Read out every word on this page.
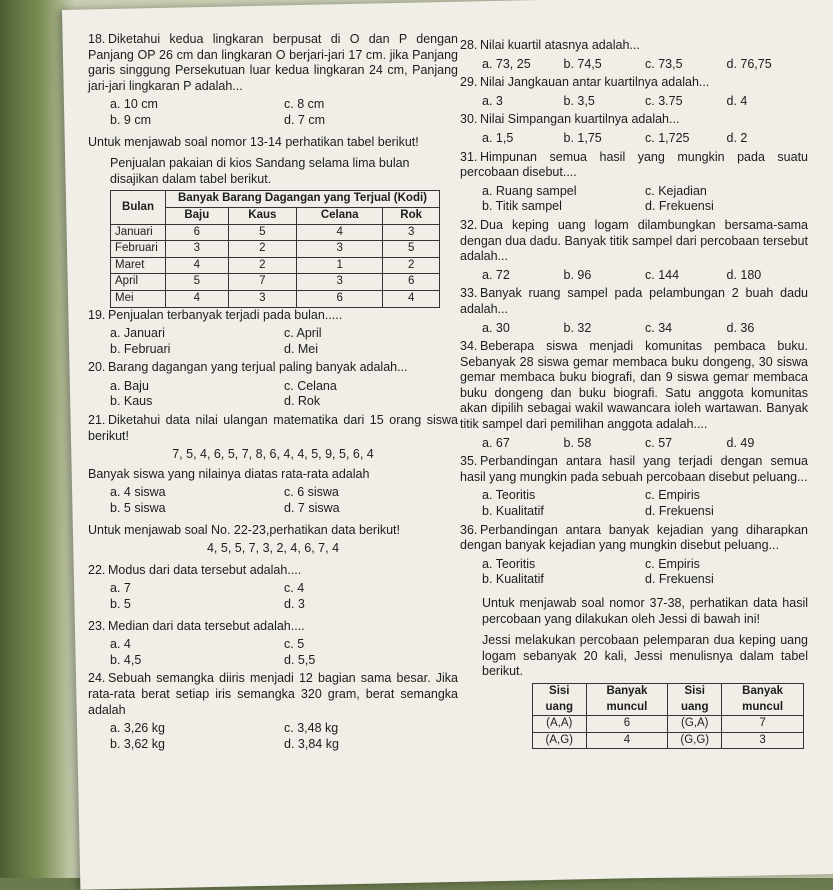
18. Diketahui kedua lingkaran berpusat di O dan P dengan Panjang OP 26 cm dan lingkaran O berjari-jari 17 cm. jika Panjang garis singgung Persekutuan luar kedua lingkaran 24 cm, Panjang jari-jari lingkaran P adalah...
a. 10 cm	c. 8 cm
b. 9 cm	d. 7 cm
Untuk menjawab soal nomor 13-14 perhatikan tabel berikut!
Penjualan pakaian di kios Sandang selama lima bulan disajikan dalam tabel berikut.
Bulan	Banyak Barang Dagangan yang Terjual (Kodi)			
	Baju	Kaus	Celana	Rok
Januari	6	5	4	3
Februari	3	2	3	5
Maret	4	2	1	2
April	5	7	3	6
Mei	4	3	6	4
19. Penjualan terbanyak terjadi pada bulan.....
a. Januari	c. April
b. Februari	d. Mei
20. Barang dagangan yang terjual paling banyak adalah...
a. Baju	c. Celana
b. Kaus	d. Rok
21. Diketahui data nilai ulangan matematika dari 15 orang siswa berikut!
7, 5, 4, 6, 5, 7, 8, 6, 4, 4, 5, 9, 5, 6, 4
Banyak siswa yang nilainya diatas rata-rata adalah
a. 4 siswa	c. 6 siswa
b. 5 siswa	d. 7 siswa
Untuk menjawab soal No. 22-23,perhatikan data berikut!
4, 5, 5, 7, 3, 2, 4, 6, 7, 4
22. Modus dari data tersebut adalah....
a. 7	c. 4
b. 5	d. 3
23. Median dari data tersebut adalah....
a. 4	c. 5
b. 4,5	d. 5,5
24. Sebuah semangka diiris menjadi 12 bagian sama besar. Jika rata-rata berat setiap iris semangka 320 gram, berat semangka adalah
a. 3,26 kg	c. 3,48 kg
b. 3,62 kg	d. 3,84 kg
28. Nilai kuartil atasnya adalah...
a. 73, 25	b. 74,5	c. 73,5	d. 76,75
29. Nilai Jangkauan antar kuartilnya adalah...
a. 3	b. 3,5	c. 3.75	d. 4
30. Nilai Simpangan kuartilnya adalah...
a. 1,5	b. 1,75	c. 1,725	d. 2
31. Himpunan semua hasil yang mungkin pada suatu percobaan disebut....
a. Ruang sampel	c. Kejadian
b. Titik sampel	d. Frekuensi
32. Dua keping uang logam dilambungkan bersama-sama dengan dua dadu. Banyak titik sampel dari percobaan tersebut adalah...
a. 72	b. 96	c. 144	d. 180
33. Banyak ruang sampel pada pelambungan 2 buah dadu adalah...
a. 30	b. 32	c. 34	d. 36
34. Beberapa siswa menjadi komunitas pembaca buku. Sebanyak 28 siswa gemar membaca buku dongeng, 30 siswa gemar membaca buku biografi, dan 9 siswa gemar membaca buku dongeng dan buku biografi. Satu anggota komunitas akan dipilih sebagai wakil wawancara ioleh wartawan. Banyak titik sampel dari pemilihan anggota adalah....
a. 67	b. 58	c. 57	d. 49
35. Perbandingan antara hasil yang terjadi dengan semua hasil yang mungkin pada sebuah percobaan disebut peluang...
a. Teoritis	c. Empiris
b. Kualitatif	d. Frekuensi
36. Perbandingan antara banyak kejadian yang diharapkan dengan banyak kejadian yang mungkin disebut peluang...
a. Teoritis	c. Empiris
b. Kualitatif	d. Frekuensi
Untuk menjawab soal nomor 37-38, perhatikan data hasil percobaan yang dilakukan oleh Jessi di bawah ini!
Jessi melakukan percobaan pelemparan dua keping uang logam sebanyak 20 kali, Jessi menulisnya dalam tabel berikut.
Sisi uang	Banyak muncul	Sisi uang	Banyak muncul
(A,A)	6	(G,A)	7
(A,G)	4	(G,G)	3
